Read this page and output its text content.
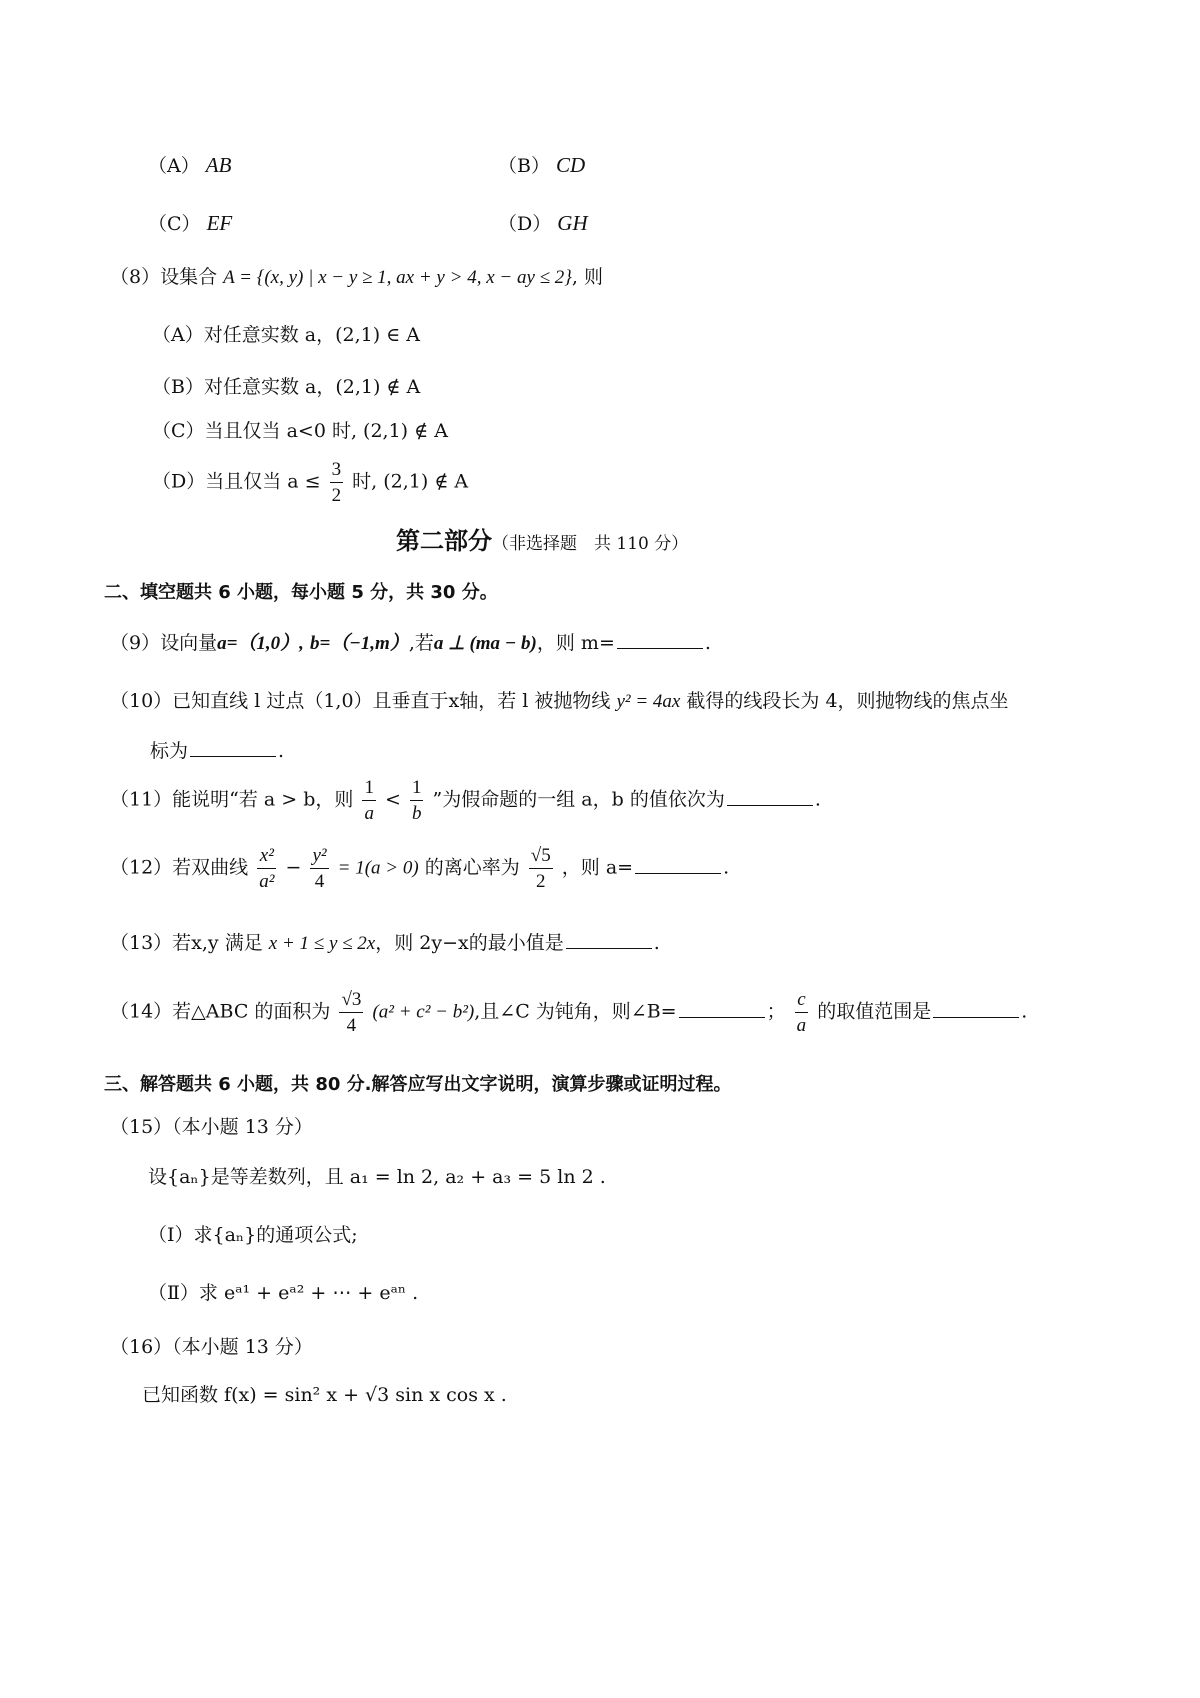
（A） AB	（B） CD
（C） EF	（D） GH
（8）设集合 A = {(x, y) | x − y ≥ 1, ax + y > 4, x − ay ≤ 2}, 则
（A）对任意实数 a，(2,1) ∈ A
（B）对任意实数 a，(2,1) ∉ A
（C）当且仅当 a<0 时, (2,1) ∉ A
（D）当且仅当 $a \le \frac{3}{2}$ 时, (2,1) ∉ A
第二部分（非选择题　共 110 分）
二、填空题共 6 小题，每小题 5 分，共 30 分。
（9）设向量a=（1,0）, b=（−1,m）,若a ⊥ (ma − b)，则 m=	.
（10）已知直线 l 过点（1,0）且垂直于x轴，若 l 被抛物线 y² = 4ax 截得的线段长为 4，则抛物线的焦点坐
标为	.
（11）能说明“若 a > b，则 $\frac{1}{a} < \frac{1}{b}$ ”为假命题的一组 a，b 的值依次为	.
（12）若双曲线 $\frac{\text{x²}}{\text{a²}} - \frac{\text{y²}}{4} = 1(a > 0)$ 的离心率为 $\frac{√5}{2}$ ，则 a=	.
（13）若x,y 满足 x + 1 ≤ y ≤ 2x，则 2y−x的最小值是	.
（14）若△ABC 的面积为 $\frac{√3}{4} (a^2 + c^2 - b^2)$,且∠C 为钝角，则∠B=	； $\frac{c}{a}$ 的取值范围是	.
三、解答题共 6 小题，共 80 分.解答应写出文字说明，演算步骤或证明过程。
（15）（本小题 13 分）
设{aₙ}是等差数列，且 a₁ = ln 2, a₂ + a₃ = 5 ln 2 .
（Ⅰ）求{aₙ}的通项公式;
（Ⅱ）求 eᵃ¹ + eᵃ² + ⋯ + eᵃⁿ .
（16）（本小题 13 分）
已知函数 f(x) = sin² x + √3 sin x cos x .
